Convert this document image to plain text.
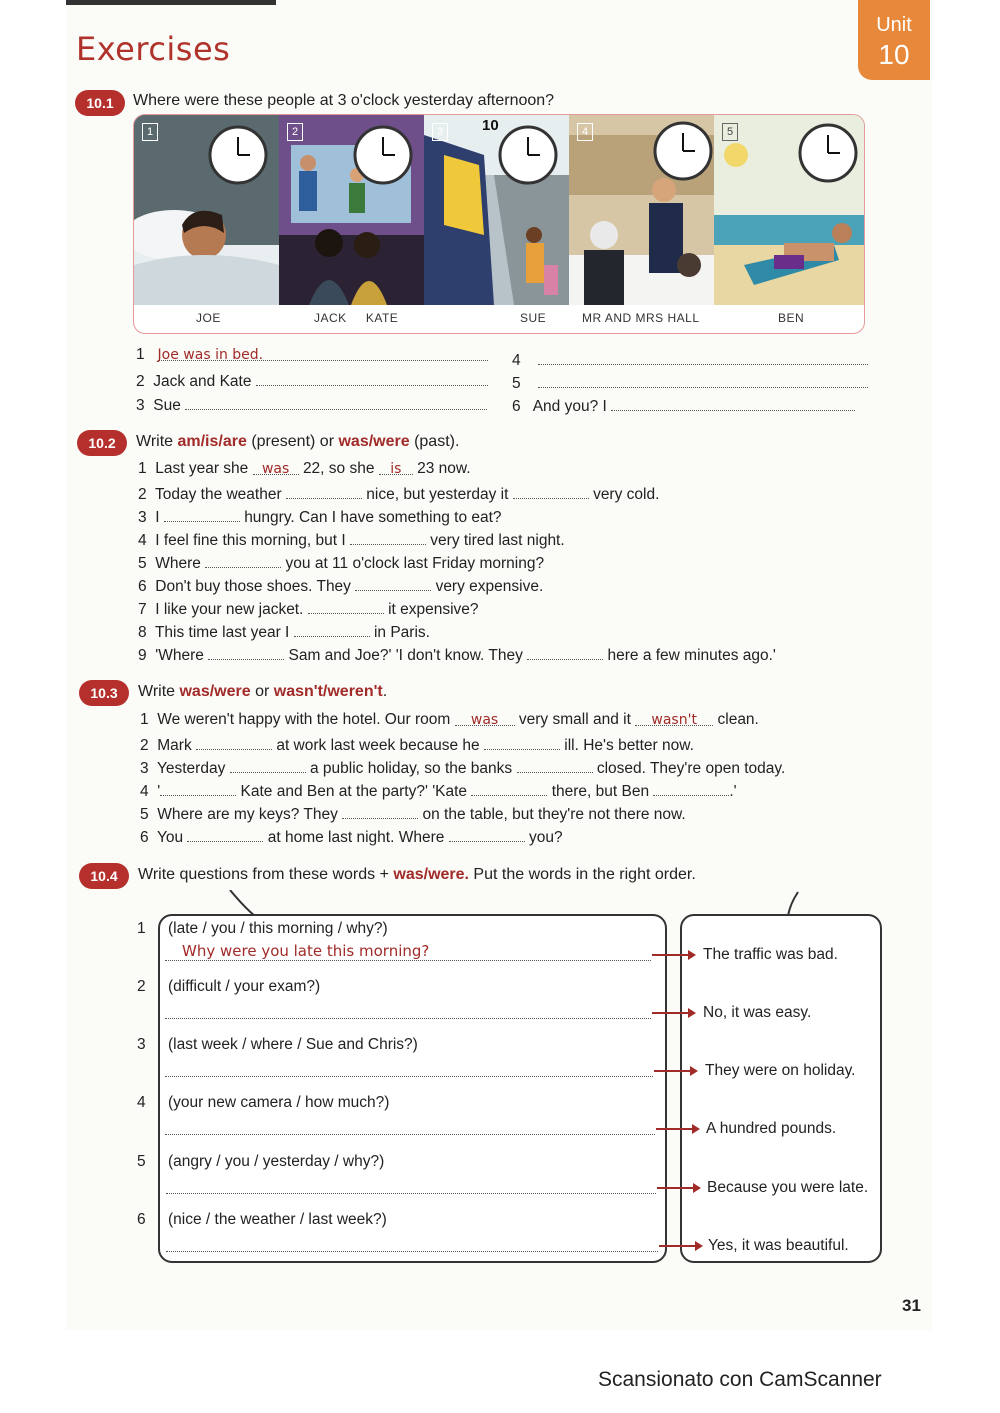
Exercises
Unit
10
10.1	Where were these people at 3 o'clock yesterday afternoon?
1	2	3	10	4	5
JOE	JACK     KATE	SUE	MR AND MRS HALL	BEN
1 Joe was in bed.
2 Jack and Kate
3 Sue
4
5
6 And you? I
10.2	Write am/is/are (present) or was/were (past).
1 Last year she was 22, so she is 23 now.
2 Today the weather	nice, but yesterday it	very cold.
3 I	hungry. Can I have something to eat?
4 I feel fine this morning, but I	very tired last night.
5 Where	you at 11 o'clock last Friday morning?
6 Don't buy those shoes. They	very expensive.
7 I like your new jacket.	it expensive?
8 This time last year I	in Paris.
9 'Where	Sam and Joe?' 'I don't know. They	here a few minutes ago.'
10.3	Write was/were or wasn't/weren't.
1 We weren't happy with the hotel. Our room was very small and it wasn't clean.
2 Mark	at work last week because he	ill. He's better now.
3 Yesterday	a public holiday, so the banks	closed. They're open today.
4 '	Kate and Ben at the party?' 'Kate	there, but Ben	.'
5 Where are my keys? They	on the table, but they're not there now.
6 You	at home last night. Where	you?
10.4	Write questions from these words + was/were. Put the words in the right order.
1 (late / you / this morning / why?)
Why were you late this morning?	The traffic was bad.
2 (difficult / your exam?)
No, it was easy.
3 (last week / where / Sue and Chris?)
They were on holiday.
4 (your new camera / how much?)
A hundred pounds.
5 (angry / you / yesterday / why?)
Because you were late.
6 (nice / the weather / last week?)
Yes, it was beautiful.
31
Scansionato con CamScanner
